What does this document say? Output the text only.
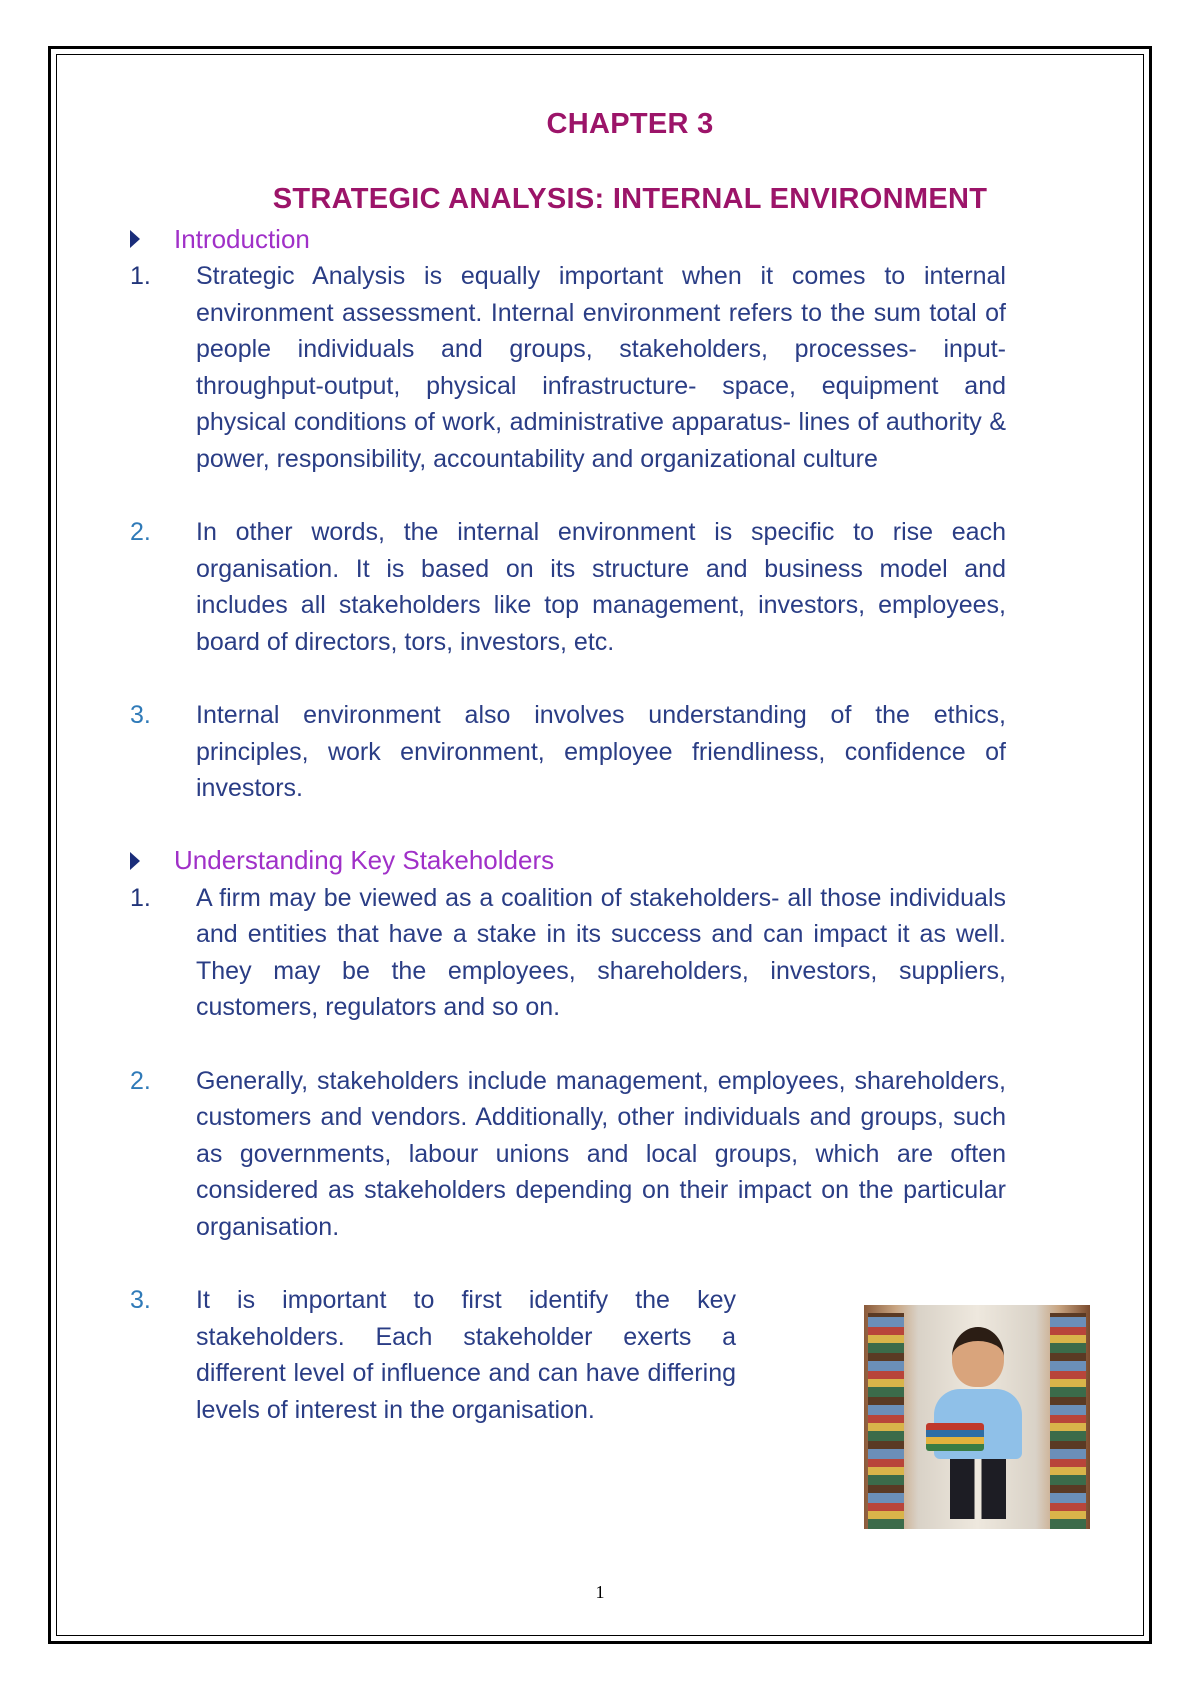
CHAPTER 3
STRATEGIC ANALYSIS: INTERNAL ENVIRONMENT
Introduction
1.	Strategic Analysis is equally important when it comes to internal environment assessment. Internal environment refers to the sum total of people individuals and groups, stakeholders, processes- input-throughput-output, physical infrastructure- space, equipment and physical conditions of work, administrative apparatus- lines of authority & power, responsibility, accountability and organizational culture
2.	In other words, the internal environment is specific to rise each organisation. It is based on its structure and business model and includes all stakeholders like top management, investors, employees, board of directors, tors, investors, etc.
3.	Internal environment also involves understanding of the ethics, principles, work environment, employee friendliness, confidence of investors.
Understanding Key Stakeholders
1.	A firm may be viewed as a coalition of stakeholders- all those individuals and entities that have a stake in its success and can impact it as well. They may be the employees, shareholders, investors, suppliers, customers, regulators and so on.
2.	Generally, stakeholders include management, employees, shareholders, customers and vendors. Additionally, other individuals and groups, such as governments, labour unions and local groups, which are often considered as stakeholders depending on their impact on the particular organisation.
3.	It is important to first identify the key stakeholders. Each stakeholder exerts a different level of influence and can have differing levels of interest in the organisation.
1
